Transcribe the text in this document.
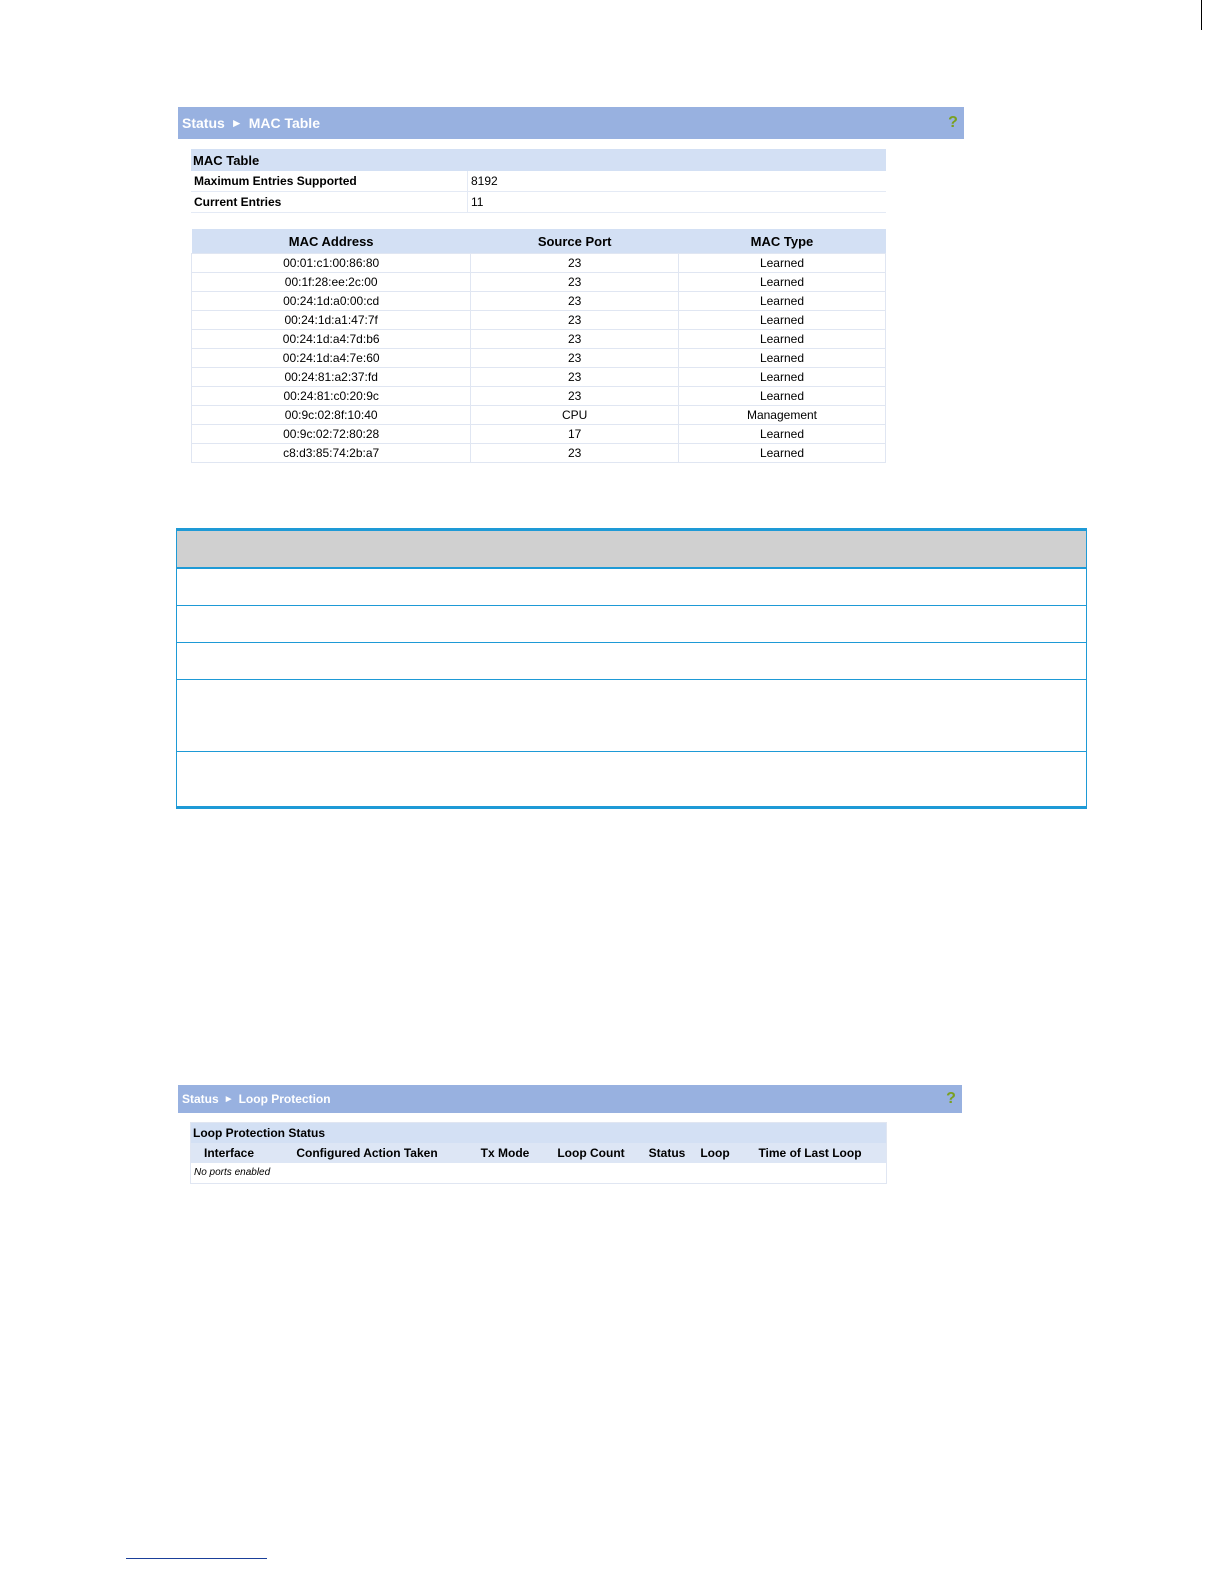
Status ► MAC Table	?
MAC Table	
Maximum Entries Supported	8192
Current Entries	11
MAC Address	Source Port	MAC Type
00:01:c1:00:86:80	23	Learned
00:1f:28:ee:2c:00	23	Learned
00:24:1d:a0:00:cd	23	Learned
00:24:1d:a1:47:7f	23	Learned
00:24:1d:a4:7d:b6	23	Learned
00:24:1d:a4:7e:60	23	Learned
00:24:81:a2:37:fd	23	Learned
00:24:81:c0:20:9c	23	Learned
00:9c:02:8f:10:40	CPU	Management
00:9c:02:72:80:28	17	Learned
c8:d3:85:74:2b:a7	23	Learned
Status ► Loop Protection	?
Loop Protection Status
Interface	Configured Action Taken	Tx Mode	Loop Count	Status	Loop	Time of Last Loop
No ports enabled
